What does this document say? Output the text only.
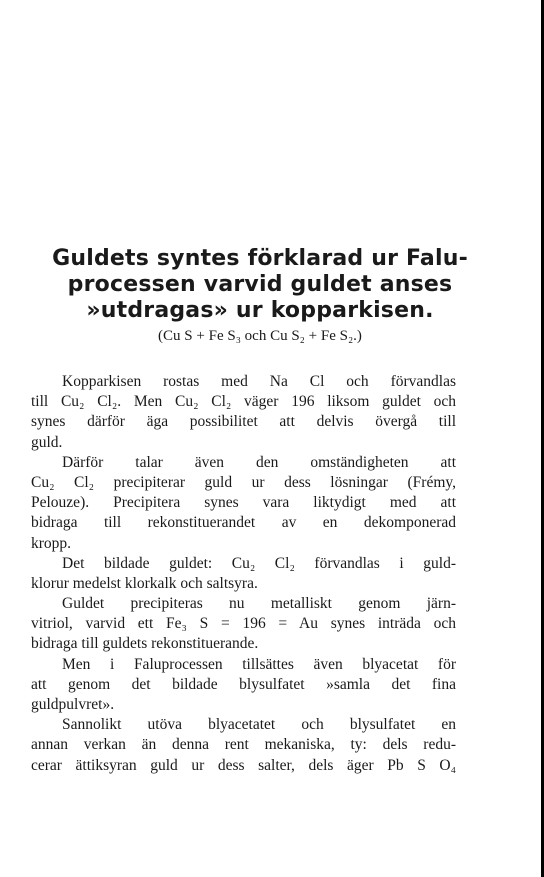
Guldets syntes förklarad ur Falu-
processen varvid guldet anses
»utdragas» ur kopparkisen.
(Cu S + Fe S₃ och Cu S₂ + Fe S₂.)
Kopparkisen rostas med Na Cl och förvandlas
till Cu₂ Cl₂. Men Cu₂ Cl₂ väger 196 liksom guldet och
synes därför äga possibilitet att delvis övergå till
guld.
Därför talar även den omständigheten att
Cu₂ Cl₂ precipiterar guld ur dess lösningar (Frémy,
Pelouze). Precipitera synes vara liktydigt med att
bidraga till rekonstituerandet av en dekomponerad
kropp.
Det bildade guldet: Cu₂ Cl₂ förvandlas i guld-
klorur medelst klorkalk och saltsyra.
Guldet precipiteras nu metalliskt genom järn-
vitriol, varvid ett Fe₃ S = 196 = Au synes inträda och
bidraga till guldets rekonstituerande.
Men i Faluprocessen tillsättes även blyacetat för
att genom det bildade blysulfatet »samla det fina
guldpulvret».
Sannolikt utöva blyacetatet och blysulfatet en
annan verkan än denna rent mekaniska, ty: dels redu-
cerar ättiksyran guld ur dess salter, dels äger Pb S O₄
